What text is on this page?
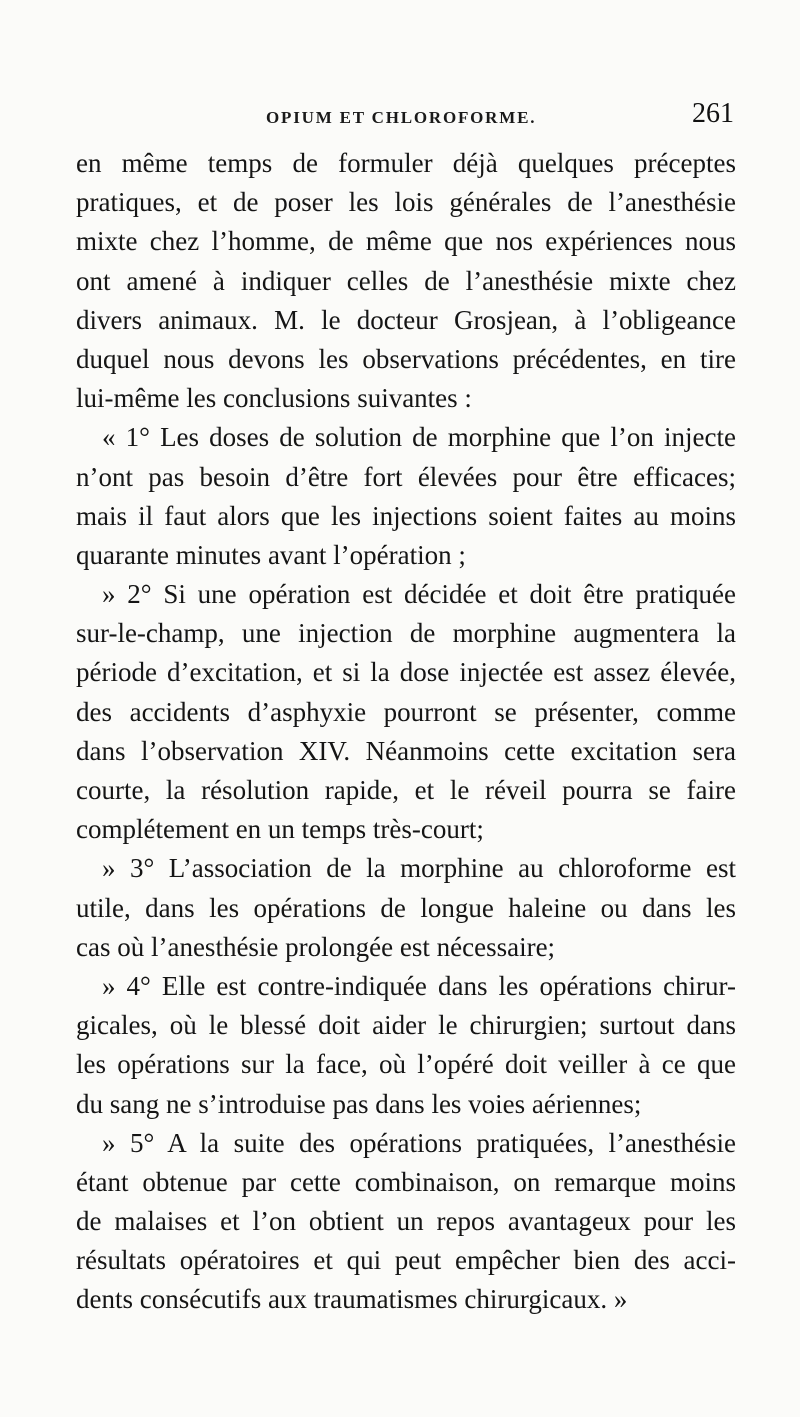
OPIUM ET CHLOROFORME.	261
en même temps de formuler déjà quelques préceptes
pratiques, et de poser les lois générales de l’anesthésie
mixte chez l’homme, de même que nos expériences nous
ont amené à indiquer celles de l’anesthésie mixte chez
divers animaux. M. le docteur Grosjean, à l’obligeance
duquel nous devons les observations précédentes, en tire
lui-même les conclusions suivantes :
« 1° Les doses de solution de morphine que l’on injecte
n’ont pas besoin d’être fort élevées pour être efficaces;
mais il faut alors que les injections soient faites au moins
quarante minutes avant l’opération ;
» 2° Si une opération est décidée et doit être pratiquée
sur-le-champ, une injection de morphine augmentera la
période d’excitation, et si la dose injectée est assez élevée,
des accidents d’asphyxie pourront se présenter, comme
dans l’observation XIV. Néanmoins cette excitation sera
courte, la résolution rapide, et le réveil pourra se faire
complétement en un temps très-court;
» 3° L’association de la morphine au chloroforme est
utile, dans les opérations de longue haleine ou dans les
cas où l’anesthésie prolongée est nécessaire;
» 4° Elle est contre-indiquée dans les opérations chirur-
gicales, où le blessé doit aider le chirurgien; surtout dans
les opérations sur la face, où l’opéré doit veiller à ce que
du sang ne s’introduise pas dans les voies aériennes;
» 5° A la suite des opérations pratiquées, l’anesthésie
étant obtenue par cette combinaison, on remarque moins
de malaises et l’on obtient un repos avantageux pour les
résultats opératoires et qui peut empêcher bien des acci-
dents consécutifs aux traumatismes chirurgicaux. »
